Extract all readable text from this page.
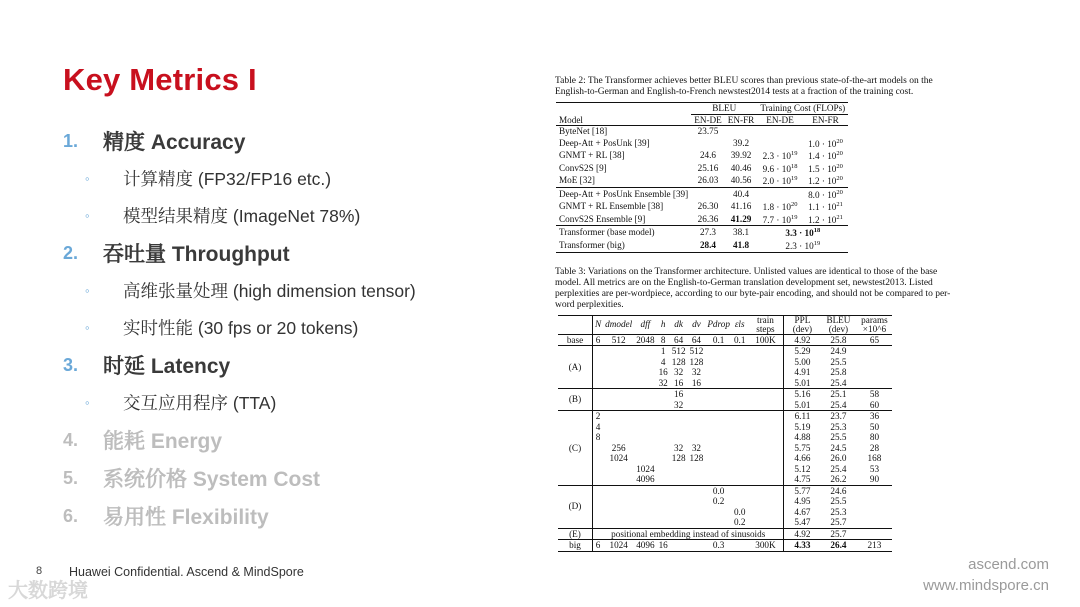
Key Metrics I
1.	精度 Accuracy
◦	计算精度 (FP32/FP16 etc.)
◦	模型结果精度 (ImageNet 78%)
2.	吞吐量 Throughput
◦	高维张量处理 (high dimension tensor)
◦	实时性能 (30 fps or 20 tokens)
3.	时延 Latency
◦	交互应用程序 (TTA)
4.	能耗 Energy
5.	系统价格 System Cost
6.	易用性 Flexibility
Table 2: The Transformer achieves better BLEU scores than previous state-of-the-art models on the English-to-German and English-to-French newstest2014 tests at a fraction of the training cost.
Model	BLEU		Training Cost (FLOPs)	
	EN-DE	EN-FR	EN-DE	EN-FR
ByteNet [18]	23.75			
Deep-Att + PosUnk [39]		39.2		$1.0 \cdot 10^{20}$
GNMT + RL [38]	24.6	39.92	$2.3 \cdot 10^{19}$	$1.4 \cdot 10^{20}$
ConvS2S [9]	25.16	40.46	$9.6 \cdot 10^{18}$	$1.5 \cdot 10^{20}$
MoE [32]	26.03	40.56	$2.0 \cdot 10^{19}$	$1.2 \cdot 10^{20}$
Deep-Att + PosUnk Ensemble [39]		40.4		$8.0 \cdot 10^{20}$
GNMT + RL Ensemble [38]	26.30	41.16	$1.8 \cdot 10^{20}$	$1.1 \cdot 10^{21}$
ConvS2S Ensemble [9]	26.36	41.29	$7.7 \cdot 10^{19}$	$1.2 \cdot 10^{21}$
Transformer (base model)	27.3	38.1	$3.3 \cdot 10^{18}$
Transformer (big)	28.4	41.8	$2.3 \cdot 10^{19}$
Table 3: Variations on the Transformer architecture. Unlisted values are identical to those of the base model. All metrics are on the English-to-German translation development set, newstest2013. Listed perplexities are per-wordpiece, according to our byte-pair encoding, and should not be compared to per-word perplexities.
	N	dmodel	dff	h	dk	dv	Pdrop	εls	train steps	PPL (dev)	BLEU (dev)	params ×10^6
base	6	512	2048	8	64	64	0.1	0.1	100K	4.92	25.8	65
(A)				1	512	512				5.29	24.9	
				4	128	128				5.00	25.5	
				16	32	32				4.91	25.8	
				32	16	16				5.01	25.4	
(B)					16					5.16	25.1	58
					32					5.01	25.4	60
(C)	2									6.11	23.7	36
	4									5.19	25.3	50
	8									4.88	25.5	80
		256			32	32				5.75	24.5	28
		1024			128	128				4.66	26.0	168
			1024							5.12	25.4	53
			4096							4.75	26.2	90
(D)							0.0			5.77	24.6	
							0.2			4.95	25.5	
								0.0		4.67	25.3	
								0.2		5.47	25.7	
(E)	positional embedding instead of sinusoids									4.92	25.7	
big	6	1024	4096	16			0.3		300K	4.33	26.4	213
8 Huawei Confidential. Ascend & MindSpore
大数跨境
ascend.com
www.mindspore.cn
